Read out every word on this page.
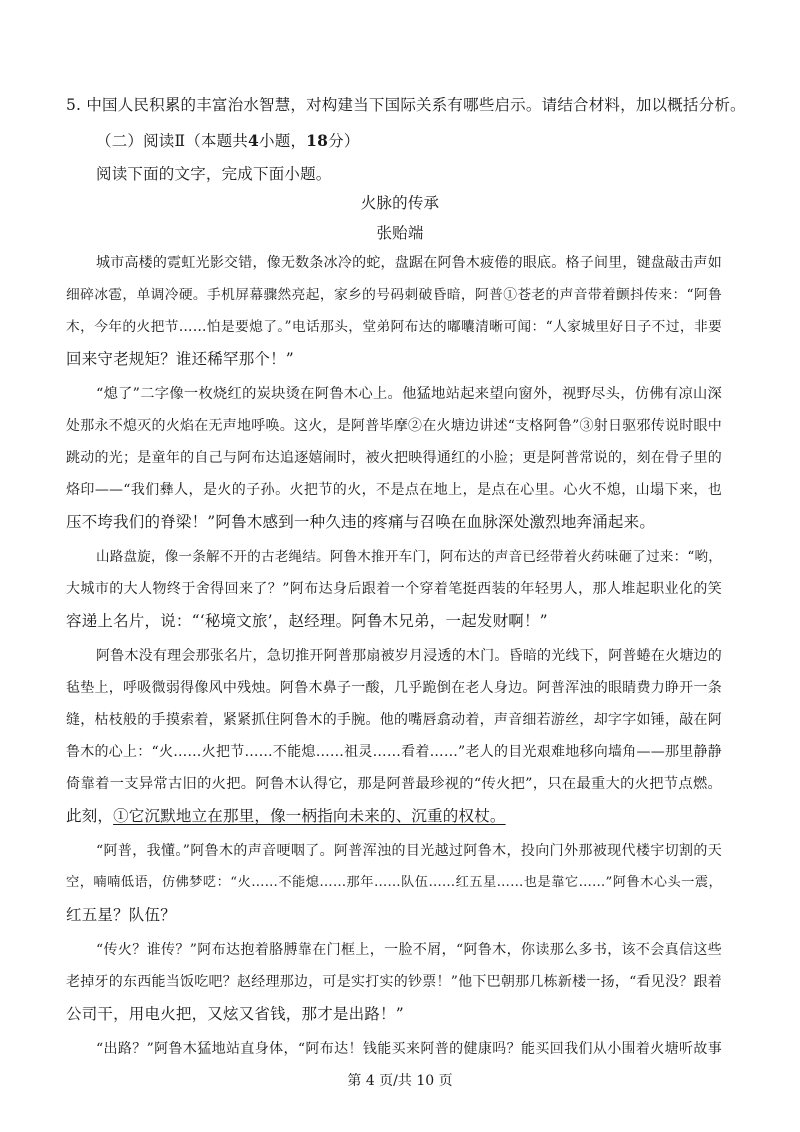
5. 中国人民积累的丰富治水智慧，对构建当下国际关系有哪些启示。请结合材料，加以概括分析。
（二）阅读Ⅱ（本题共4小题，18分）
阅读下面的文字，完成下面小题。
火脉的传承
张贻端
城市高楼的霓虹光影交错，像无数条冰冷的蛇，盘踞在阿鲁木疲倦的眼底。格子间里，键盘敲击声如
细碎冰雹，单调冷硬。手机屏幕骤然亮起，家乡的号码刺破昏暗，阿普①苍老的声音带着颤抖传来：“阿鲁
木，今年的火把节……怕是要熄了。”电话那头，堂弟阿布达的嘟囔清晰可闻：“人家城里好日子不过，非要
回来守老规矩？谁还稀罕那个！”
“熄了”二字像一枚烧红的炭块烫在阿鲁木心上。他猛地站起来望向窗外，视野尽头，仿佛有凉山深
处那永不熄灭的火焰在无声地呼唤。这火，是阿普毕摩②在火塘边讲述“支格阿鲁”③射日驱邪传说时眼中
跳动的光；是童年的自己与阿布达追逐嬉闹时，被火把映得通红的小脸；更是阿普常说的，刻在骨子里的
烙印——“我们彝人，是火的子孙。火把节的火，不是点在地上，是点在心里。心火不熄，山塌下来，也
压不垮我们的脊梁！”阿鲁木感到一种久违的疼痛与召唤在血脉深处激烈地奔涌起来。
山路盘旋，像一条解不开的古老绳结。阿鲁木推开车门，阿布达的声音已经带着火药味砸了过来：“哟，
大城市的大人物终于舍得回来了？”阿布达身后跟着一个穿着笔挺西装的年轻男人，那人堆起职业化的笑
容递上名片，说：“‘秘境文旅’，赵经理。阿鲁木兄弟，一起发财啊！”
阿鲁木没有理会那张名片，急切推开阿普那扇被岁月浸透的木门。昏暗的光线下，阿普蜷在火塘边的
毡垫上，呼吸微弱得像风中残烛。阿鲁木鼻子一酸，几乎跪倒在老人身边。阿普浑浊的眼睛费力睁开一条
缝，枯枝般的手摸索着，紧紧抓住阿鲁木的手腕。他的嘴唇翕动着，声音细若游丝，却字字如锤，敲在阿
鲁木的心上：“火……火把节……不能熄……祖灵……看着……”老人的目光艰难地移向墙角——那里静静
倚靠着一支异常古旧的火把。阿鲁木认得它，那是阿普最珍视的“传火把”，只在最重大的火把节点燃。
此刻，①它沉默地立在那里，像一柄指向未来的、沉重的权杖。
“阿普，我懂。”阿鲁木的声音哽咽了。阿普浑浊的目光越过阿鲁木，投向门外那被现代楼宇切割的天
空，喃喃低语，仿佛梦呓：“火……不能熄……那年……队伍……红五星……也是靠它……”阿鲁木心头一震，
红五星？队伍？
“传火？谁传？”阿布达抱着胳膊靠在门框上，一脸不屑，“阿鲁木，你读那么多书，该不会真信这些
老掉牙的东西能当饭吃吧？赵经理那边，可是实打实的钞票！”他下巴朝那几栋新楼一扬，“看见没？跟着
公司干，用电火把，又炫又省钱，那才是出路！”
“出路？”阿鲁木猛地站直身体，“阿布达！钱能买来阿普的健康吗？能买回我们从小围着火塘听故事
第 4 页/共 10 页
